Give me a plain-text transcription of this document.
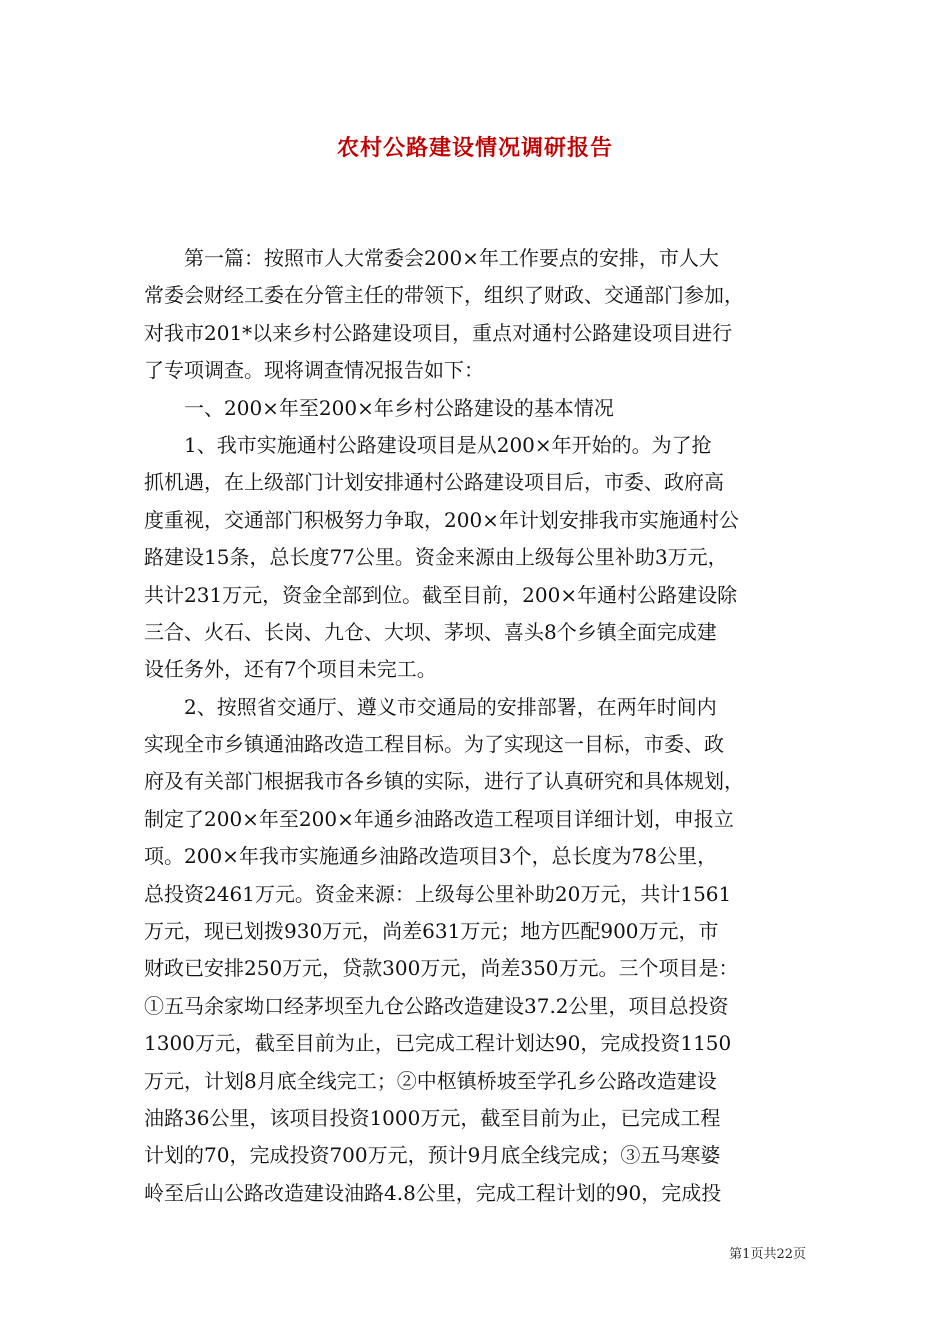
农村公路建设情况调研报告
　　第一篇：按照市人大常委会200×年工作要点的安排，市人大
常委会财经工委在分管主任的带领下，组织了财政、交通部门参加，
对我市201*以来乡村公路建设项目，重点对通村公路建设项目进行
了专项调查。现将调查情况报告如下：
　　一、200×年至200×年乡村公路建设的基本情况
　　1、我市实施通村公路建设项目是从200×年开始的。为了抢
抓机遇，在上级部门计划安排通村公路建设项目后，市委、政府高
度重视，交通部门积极努力争取，200×年计划安排我市实施通村公
路建设15条，总长度77公里。资金来源由上级每公里补助3万元，
共计231万元，资金全部到位。截至目前，200×年通村公路建设除
三合、火石、长岗、九仓、大坝、茅坝、喜头8个乡镇全面完成建
设任务外，还有7个项目未完工。
　　2、按照省交通厅、遵义市交通局的安排部署，在两年时间内
实现全市乡镇通油路改造工程目标。为了实现这一目标，市委、政
府及有关部门根据我市各乡镇的实际，进行了认真研究和具体规划，
制定了200×年至200×年通乡油路改造工程项目详细计划，申报立
项。200×年我市实施通乡油路改造项目3个，总长度为78公里，
总投资2461万元。资金来源：上级每公里补助20万元，共计1561
万元，现已划拨930万元，尚差631万元；地方匹配900万元，市
财政已安排250万元，贷款300万元，尚差350万元。三个项目是：
①五马余家坳口经茅坝至九仓公路改造建设37.2公里，项目总投资
1300万元，截至目前为止，已完成工程计划达90，完成投资1150
万元，计划8月底全线完工；②中枢镇桥坡至学孔乡公路改造建设
油路36公里，该项目投资1000万元，截至目前为止，已完成工程
计划的70，完成投资700万元，预计9月底全线完成；③五马寒婆
岭至后山公路改造建设油路4.8公里，完成工程计划的90，完成投
第1页共22页
